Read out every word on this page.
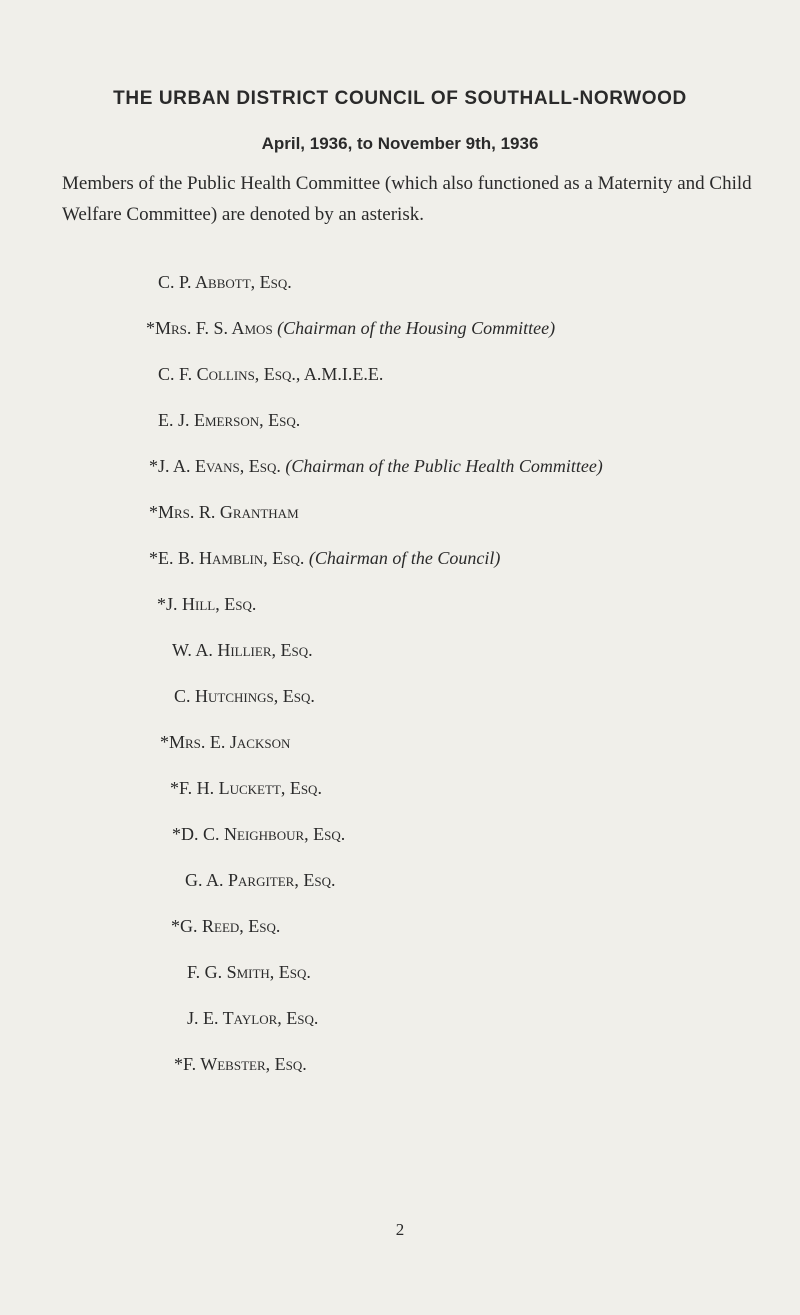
THE URBAN DISTRICT COUNCIL OF SOUTHALL-NORWOOD
April, 1936, to November 9th, 1936

Members of the Public Health Committee (which also functioned as a Maternity and Child Welfare Committee) are denoted by an asterisk.

C. P. Abbott, Esq.
*Mrs. F. S. Amos (Chairman of the Housing Committee)
C. F. Collins, Esq., A.M.I.E.E.
E. J. Emerson, Esq.
*J. A. Evans, Esq. (Chairman of the Public Health Committee)
*Mrs. R. Grantham
*E. B. Hamblin, Esq. (Chairman of the Council)
*J. Hill, Esq.
W. A. Hillier, Esq.
C. Hutchings, Esq.
*Mrs. E. Jackson
*F. H. Luckett, Esq.
*D. C. Neighbour, Esq.
G. A. Pargiter, Esq.
*G. Reed, Esq.
F. G. Smith, Esq.
J. E. Taylor, Esq.
*F. Webster, Esq.
2
